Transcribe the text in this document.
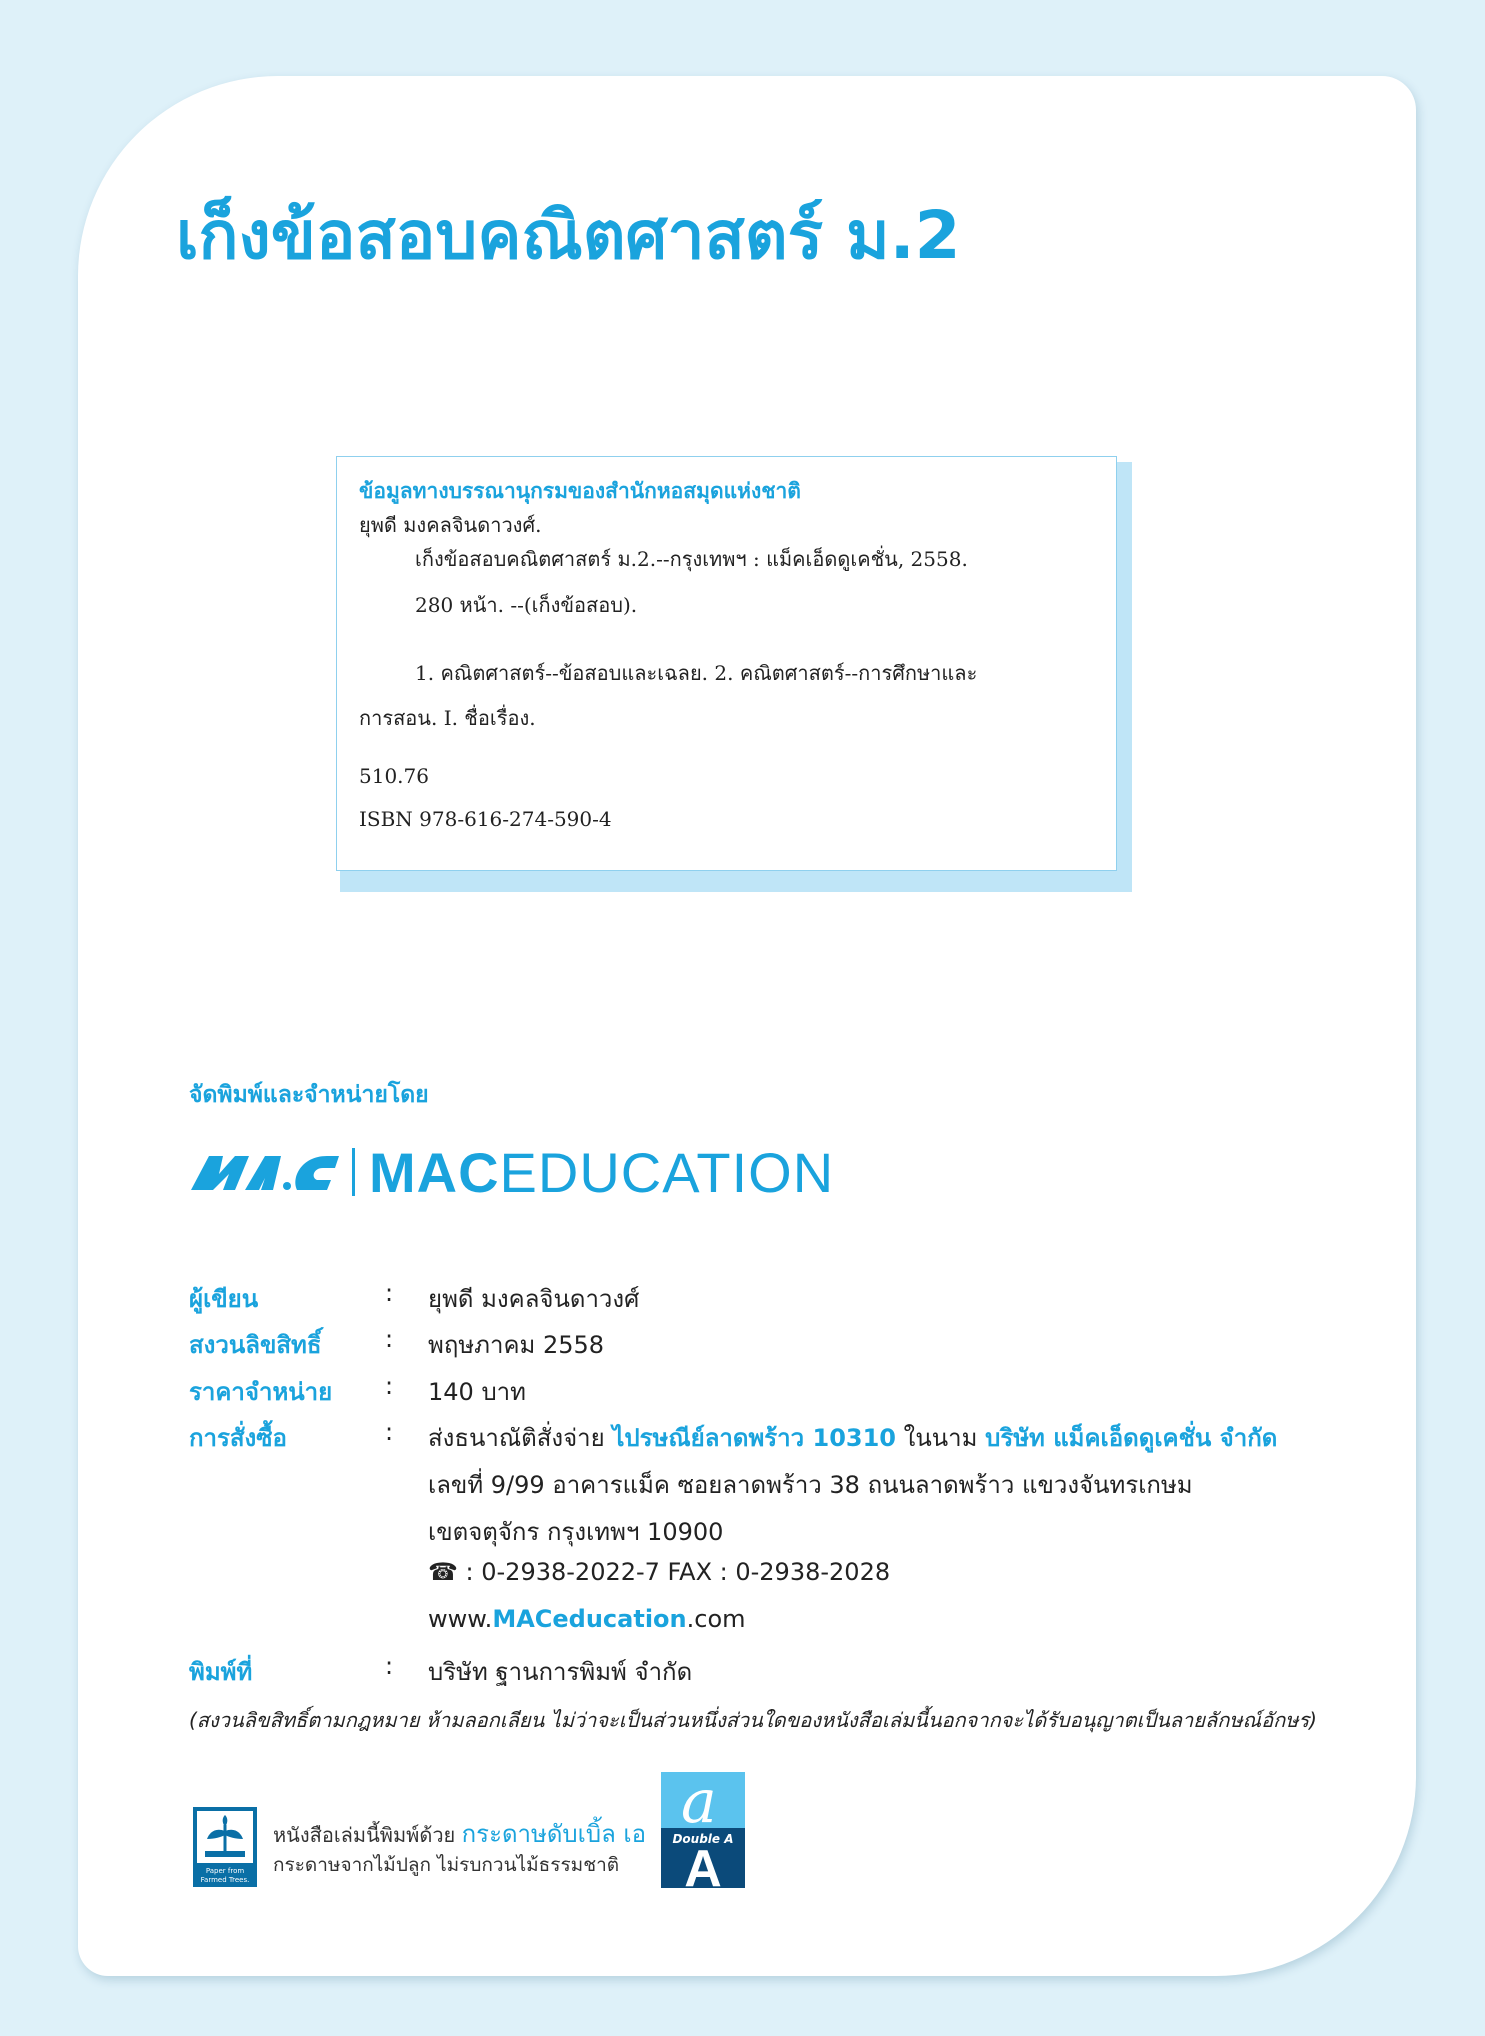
เก็งข้อสอบคณิตศาสตร์ ม.2
ข้อมูลทางบรรณานุกรมของสำนักหอสมุดแห่งชาติ
ยุพดี มงคลจินดาวงศ์.
เก็งข้อสอบคณิตศาสตร์ ม.2.--กรุงเทพฯ : แม็คเอ็ดดูเคชั่น, 2558.
280 หน้า. --(เก็งข้อสอบ).
1. คณิตศาสตร์--ข้อสอบและเฉลย. 2. คณิตศาสตร์--การศึกษาและ
การสอน. I. ชื่อเรื่อง.
510.76
ISBN 978-616-274-590-4
จัดพิมพ์และจำหน่ายโดย
MACEDUCATION
ผู้เขียน	: ยุพดี มงคลจินดาวงศ์
สงวนลิขสิทธิ์	: พฤษภาคม 2558
ราคาจำหน่าย : 140 บาท
การสั่งซื้อ	: ส่งธนาณัติสั่งจ่าย ไปรษณีย์ลาดพร้าว 10310 ในนาม บริษัท แม็คเอ็ดดูเคชั่น จำกัด
เลขที่ 9/99 อาคารแม็ค ซอยลาดพร้าว 38 ถนนลาดพร้าว แขวงจันทรเกษม
เขตจตุจักร กรุงเทพฯ 10900
☎ : 0-2938-2022-7 FAX : 0-2938-2028
www.MACeducation.com
พิมพ์ที่	: บริษัท ฐานการพิมพ์ จำกัด
(สงวนลิขสิทธิ์ตามกฎหมาย ห้ามลอกเลียน ไม่ว่าจะเป็นส่วนหนึ่งส่วนใดของหนังสือเล่มนี้นอกจากจะได้รับอนุญาตเป็นลายลักษณ์อักษร)
Paper from
Farmed Trees.
หนังสือเล่มนี้พิมพ์ด้วย กระดาษดับเบิ้ล เอ
กระดาษจากไม้ปลูก ไม่รบกวนไม้ธรรมชาติ
a
Double A
A
